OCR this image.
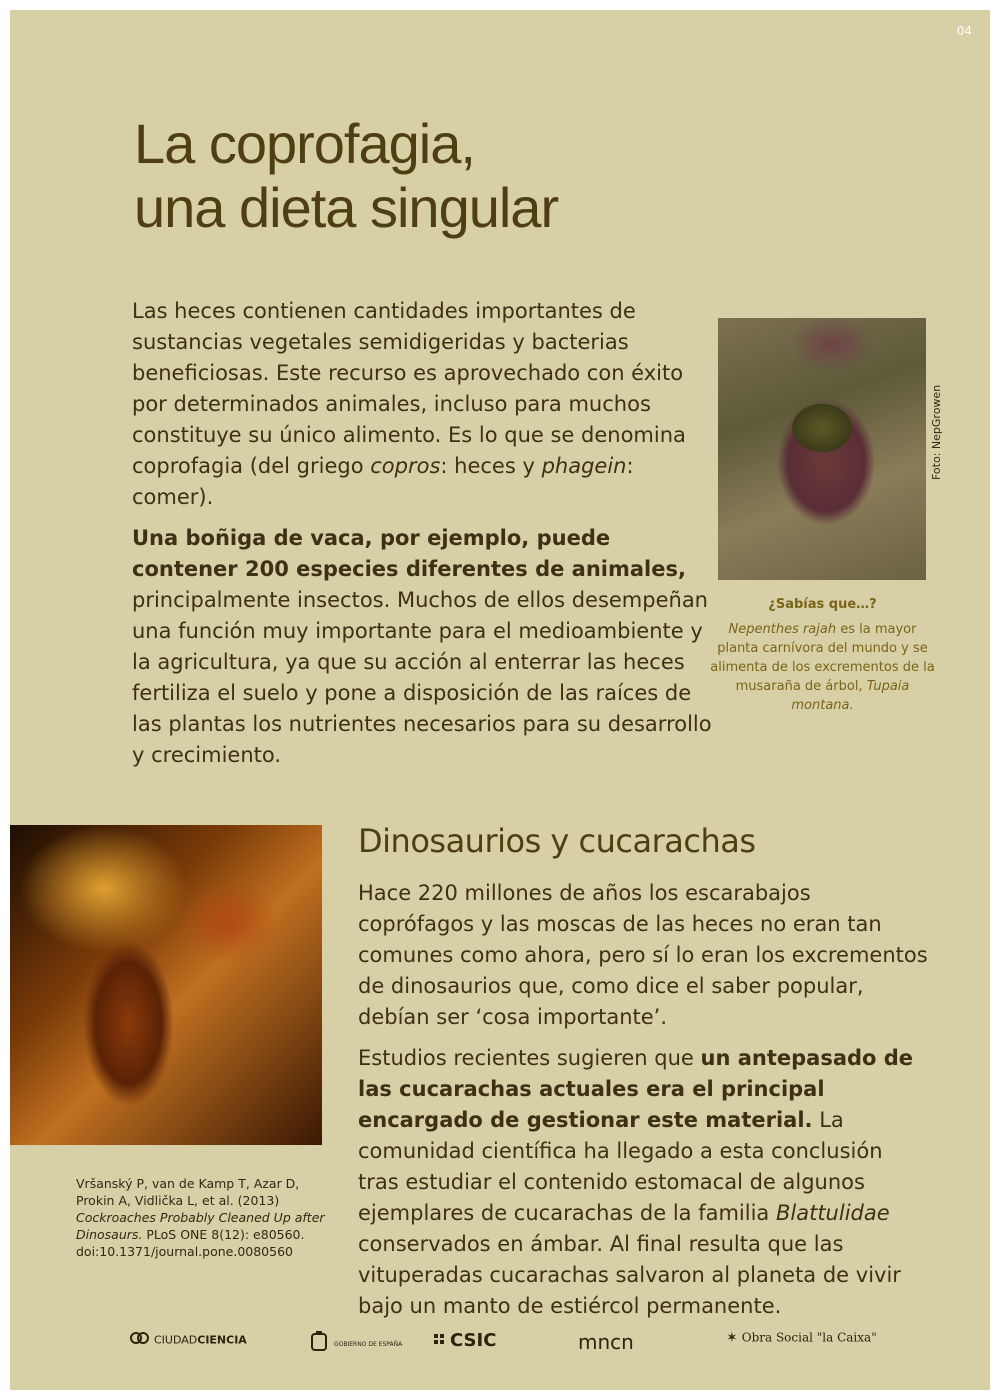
04
La coprofagia,
una dieta singular

Las heces contienen cantidades importantes de sustancias vegetales semidigeridas y bacterias beneficiosas. Este recurso es aprovechado con éxito por determinados animales, incluso para muchos constituye su único alimento. Es lo que se denomina coprofagia (del griego copros: heces y phagein: comer).

Una boñiga de vaca, por ejemplo, puede contener 200 especies diferentes de animales, principalmente insectos. Muchos de ellos desempeñan una función muy importante para el medioambiente y la agricultura, ya que su acción al enterrar las heces fertiliza el suelo y pone a disposición de las raíces de las plantas los nutrientes necesarios para su desarrollo y crecimiento.

Foto: NepGrowen
¿Sabías que…?
Nepenthes rajah es la mayor planta carnívora del mundo y se alimenta de los excrementos de la musaraña de árbol, Tupaia montana.
Vršanský P, van de Kamp T, Azar D, Prokin A, Vidlička L, et al. (2013) Cockroaches Probably Cleaned Up after Dinosaurs. PLoS ONE 8(12): e80560. doi:10.1371/journal.pone.0080560
Dinosaurios y cucarachas

Hace 220 millones de años los escarabajos coprófagos y las moscas de las heces no eran tan comunes como ahora, pero sí lo eran los excrementos de dinosaurios que, como dice el saber popular, debían ser ‘cosa importante’.

Estudios recientes sugieren que un antepasado de las cucarachas actuales era el principal encargado de gestionar este material. La comunidad científica ha llegado a esta conclusión tras estudiar el contenido estomacal de algunos ejemplares de cucarachas de la familia Blattulidae conservados en ámbar. Al final resulta que las vituperadas cucarachas salvaron al planeta de vivir bajo un manto de estiércol permanente.

CIUDADCIENCIA	GOBIERNO DE ESPAÑA	CSIC	mncn	✶ Obra Social "la Caixa"
